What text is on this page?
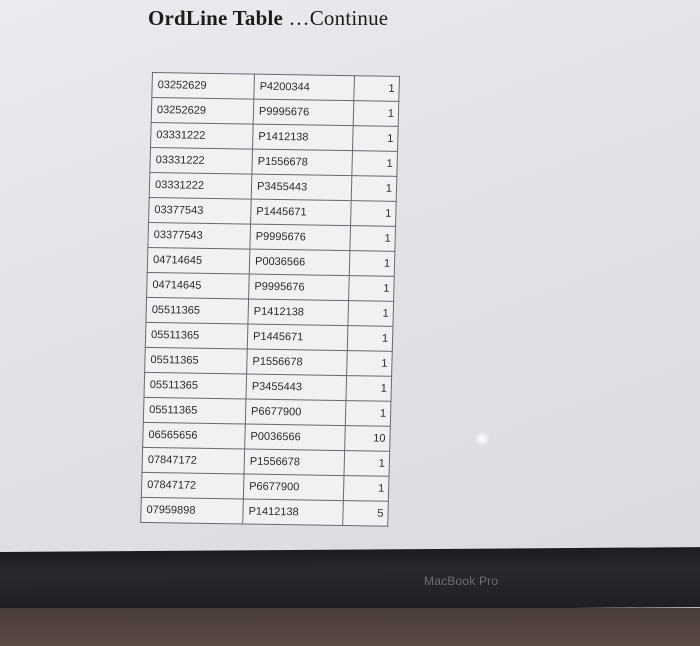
OrdLine Table …Continue
03252629	P4200344	1
03252629	P9995676	1
03331222	P1412138	1
03331222	P1556678	1
03331222	P3455443	1
03377543	P1445671	1
03377543	P9995676	1
04714645	P0036566	1
04714645	P9995676	1
05511365	P1412138	1
05511365	P1445671	1
05511365	P1556678	1
05511365	P3455443	1
05511365	P6677900	1
06565656	P0036566	10
07847172	P1556678	1
07847172	P6677900	1
07959898	P1412138	5
MacBook Pro
